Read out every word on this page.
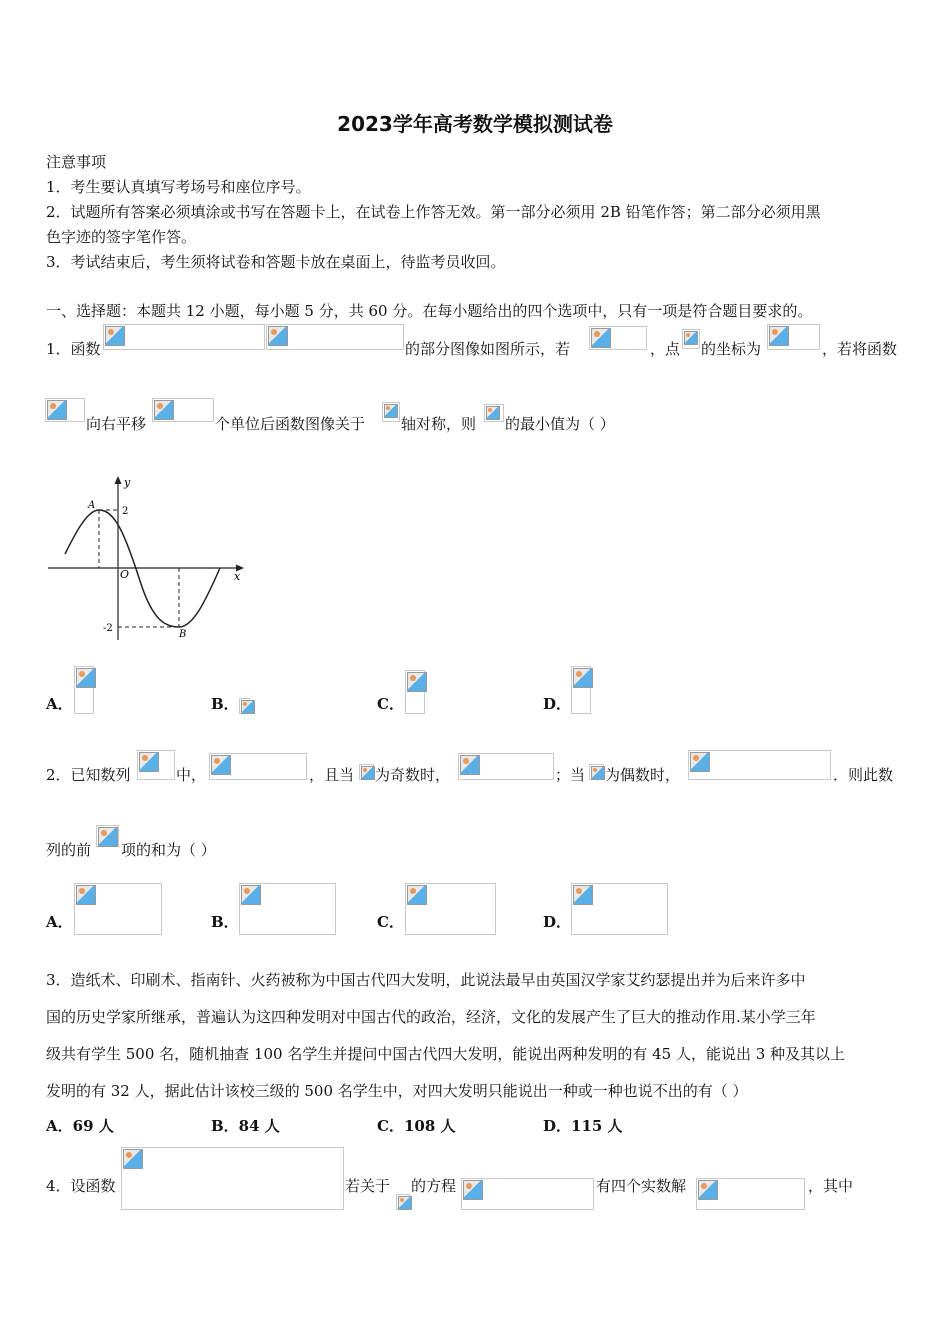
2023学年高考数学模拟测试卷
注意事项
1．考生要认真填写考场号和座位序号。
2．试题所有答案必须填涂或书写在答题卡上，在试卷上作答无效。第一部分必须用 2B 铅笔作答；第二部分必须用黑
色字迹的签字笔作答。
3．考试结束后，考生须将试卷和答题卡放在桌面上，待监考员收回。
一、选择题：本题共 12 小题，每小题 5 分，共 60 分。在每小题给出的四个选项中，只有一项是符合题目要求的。
1．函数	的部分图像如图所示，若	，点 的坐标为	，若将函数
向右平移	个单位后函数图像关于 轴对称，则 的最小值为（ ）
y
x
O
2
-2
A
B
A．	B．	C．	D．
2．已知数列	中，	，且当 为奇数时，	；当 为偶数时，	．则此数
列的前 项的和为（ ）
A．	B．	C．	D．
3．造纸术、印刷术、指南针、火药被称为中国古代四大发明，此说法最早由英国汉学家艾约瑟提出并为后来许多中
国的历史学家所继承，普遍认为这四种发明对中国古代的政治，经济，文化的发展产生了巨大的推动作用.某小学三年
级共有学生 500 名，随机抽查 100 名学生并提问中国古代四大发明，能说出两种发明的有 45 人，能说出 3 种及其以上
发明的有 32 人，据此估计该校三级的 500 名学生中，对四大发明只能说出一种或一种也说不出的有（ ）
A．69 人	B．84 人	C．108 人	D．115 人
4．设函数	若关于 的方程	有四个实数解	，其中
